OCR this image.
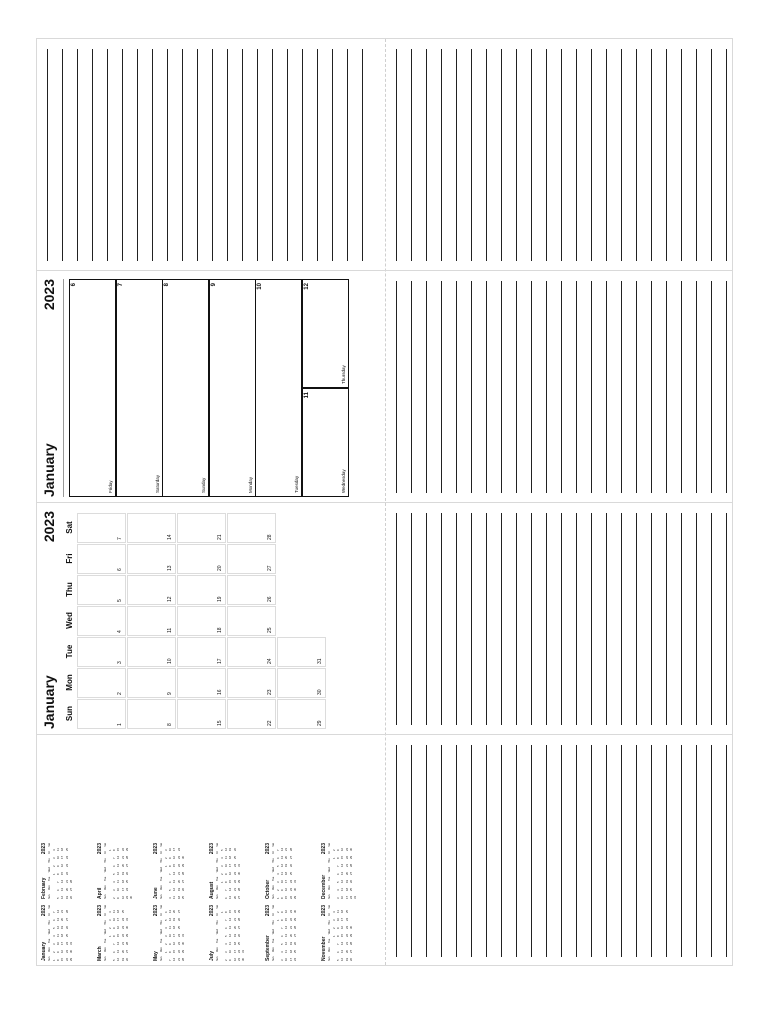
January
2023 6
Friday
7
Saturday
8
Sunday
9
Monday
10
Tuesday
11
Wednesday
12
Thursday
January
2023
Sun
Mon
Tue
Wed
Thu
Fri
Sat
1
2
3
4
5
6
7
8
9
10
11
12
13
14
15
16
17
18
19
20
21
22
23
24
25
26
27
28
29
30
31
January
2023
Sun
Mon
Tue
Wed
Thu
Fri
Sat
1
2
3
4
5
6
7
8
9
10
11
12
13
14
15
16
17
18
19
20
21
22
23
24
25
26
27
28
29
30
31
February
2023
Sun
Mon
Tue
Wed
Thu
Fri
Sat
1
2
3
4
5
6
7
8
9
10
11
12
13
14
15
16
17
18
19
20
21
22
23
24
25
26
27
28
March
2023
Sun
Mon
Tue
Wed
Thu
Fri
Sat
1
2
3
4
5
6
7
8
9
10
11
12
13
14
15
16
17
18
19
20
21
22
23
24
25
26
27
28
29
30
31
April
2023
Sun
Mon
Tue
Wed
Thu
Fri
Sat
1
2
3
4
5
6
7
8
9
10
11
12
13
14
15
16
17
18
19
20
21
22
23
24
25
26
27
28
29
30
May
2023
Sun
Mon
Tue
Wed
Thu
Fri
Sat
1
2
3
4
5
6
7
8
9
10
11
12
13
14
15
16
17
18
19
20
21
22
23
24
25
26
27
28
29
30
31
June
2023
Sun
Mon
Tue
Wed
Thu
Fri
Sat
1
2
3
4
5
6
7
8
9
10
11
12
13
14
15
16
17
18
19
20
21
22
23
24
25
26
27
28
29
30
July
2023
Sun
Mon
Tue
Wed
Thu
Fri
Sat
1
2
3
4
5
6
7
8
9
10
11
12
13
14
15
16
17
18
19
20
21
22
23
24
25
26
27
28
29
30
31
August
2023
Sun
Mon
Tue
Wed
Thu
Fri
Sat
1
2
3
4
5
6
7
8
9
10
11
12
13
14
15
16
17
18
19
20
21
22
23
24
25
26
27
28
29
30
31
September
2023
Sun
Mon
Tue
Wed
Thu
Fri
Sat
1
2
3
4
5
6
7
8
9
10
11
12
13
14
15
16
17
18
19
20
21
22
23
24
25
26
27
28
29
30
October
2023
Sun
Mon
Tue
Wed
Thu
Fri
Sat
1
2
3
4
5
6
7
8
9
10
11
12
13
14
15
16
17
18
19
20
21
22
23
24
25
26
27
28
29
30
31
November
2023
Sun
Mon
Tue
Wed
Thu
Fri
Sat
1
2
3
4
5
6
7
8
9
10
11
12
13
14
15
16
17
18
19
20
21
22
23
24
25
26
27
28
29
30
December
2023
Sun
Mon
Tue
Wed
Thu
Fri
Sat
1
2
3
4
5
6
7
8
9
10
11
12
13
14
15
16
17
18
19
20
21
22
23
24
25
26
27
28
29
30
31
